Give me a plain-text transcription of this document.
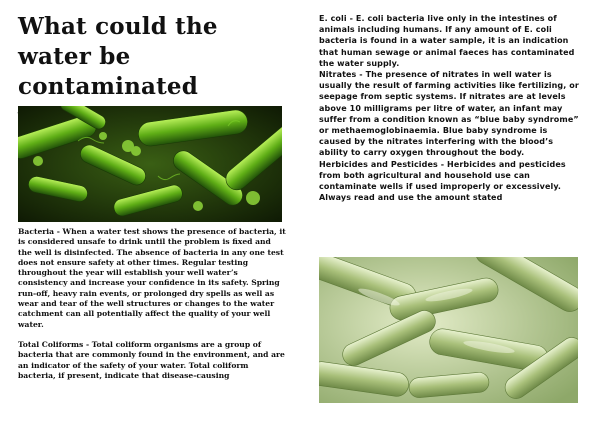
What could the water be contaminated

Bacteria - When a water test shows the presence of bacteria, it is considered unsafe to drink until the problem is fixed and the well is disinfected. The absence of bacteria in any one test does not ensure safety at other times. Regular testing throughout the year will establish your well water’s consistency and increase your confidence in its safety. Spring run-off, heavy rain events, or prolonged dry spells as well as wear and tear of the well structures or changes to the water catchment can all potentially affect the quality of your well water.

Total Coliforms - Total coliform organisms are a group of bacteria that are commonly found in the environment, and are an indicator of the safety of your water. Total coliform bacteria, if present, indicate that disease-causing

E. coli - E. coli bacteria live only in the intestines of animals including humans. If any amount of E. coli bacteria is found in a water sample, it is an indication that human sewage or animal faeces has contaminated the water supply.

Nitrates - The presence of nitrates in well water is usually the result of farming activities like fertilizing, or seepage from septic systems. If nitrates are at levels above 10 milligrams per litre of water, an infant may suffer from a condition known as “blue baby syndrome” or methaemoglobinaemia. Blue baby syndrome is caused by the nitrates interfering with the blood’s ability to carry oxygen throughout the body.

Herbicides and Pesticides - Herbicides and pesticides from both agricultural and household use can contaminate wells if used improperly or excessively. Always read and use the amount stated
